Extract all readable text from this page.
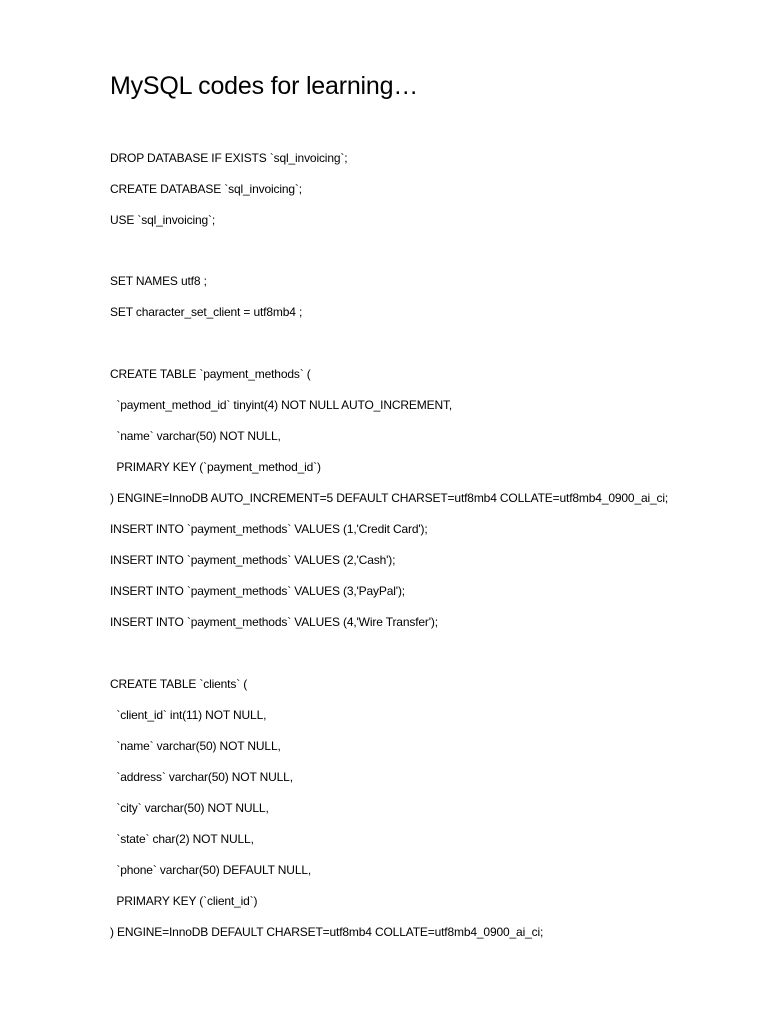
MySQL codes for learning…

DROP DATABASE IF EXISTS `sql_invoicing`;

CREATE DATABASE `sql_invoicing`;

USE `sql_invoicing`;

SET NAMES utf8 ;

SET character_set_client = utf8mb4 ;

CREATE TABLE `payment_methods` (

`payment_method_id` tinyint(4) NOT NULL AUTO_INCREMENT,

`name` varchar(50) NOT NULL,

PRIMARY KEY (`payment_method_id`)

) ENGINE=InnoDB AUTO_INCREMENT=5 DEFAULT CHARSET=utf8mb4 COLLATE=utf8mb4_0900_ai_ci;

INSERT INTO `payment_methods` VALUES (1,'Credit Card');

INSERT INTO `payment_methods` VALUES (2,'Cash');

INSERT INTO `payment_methods` VALUES (3,'PayPal');

INSERT INTO `payment_methods` VALUES (4,'Wire Transfer');

CREATE TABLE `clients` (

`client_id` int(11) NOT NULL,

`name` varchar(50) NOT NULL,

`address` varchar(50) NOT NULL,

`city` varchar(50) NOT NULL,

`state` char(2) NOT NULL,

`phone` varchar(50) DEFAULT NULL,

PRIMARY KEY (`client_id`)

) ENGINE=InnoDB DEFAULT CHARSET=utf8mb4 COLLATE=utf8mb4_0900_ai_ci;
